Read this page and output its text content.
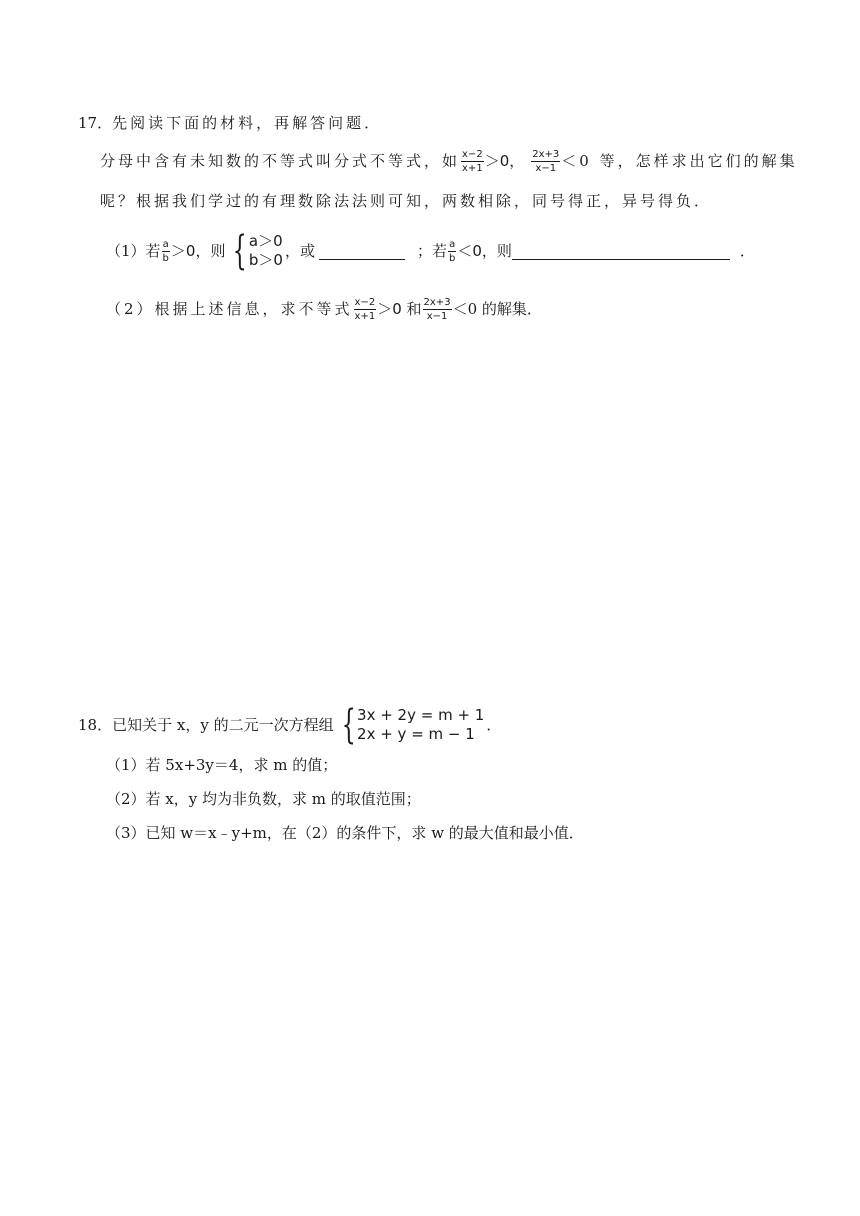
17． 先阅读下面的材料，再解答问题．
分母中含有未知数的不等式叫分式不等式，如 $\frac{x-2}{x+1} >0$， $\frac{2x+3}{x-1} <0$ 等，怎样求出它们的解集
呢？根据我们学过的有理数除法法则可知，两数相除，同号得正，异号得负．
（1）若 $\frac{a}{b} >0$，则 { a＞0
b＞0 ，或	；若 $\frac{a}{b} <0$，则	．
（2）根据上述信息，求不等式 $\frac{x-2}{x+1} >0$ 和 $\frac{2x+3}{x-1} <0$ 的解集．
18． 已知关于 x，y 的二元一次方程组 { 3x + 2y = m + 1
2x + y = m − 1 ．
（1）若 5x+3y＝4，求 m 的值；
（2）若 x，y 均为非负数，求 m 的取值范围；
（3）已知 w＝x﹣y+m，在（2）的条件下，求 w 的最大值和最小值．
